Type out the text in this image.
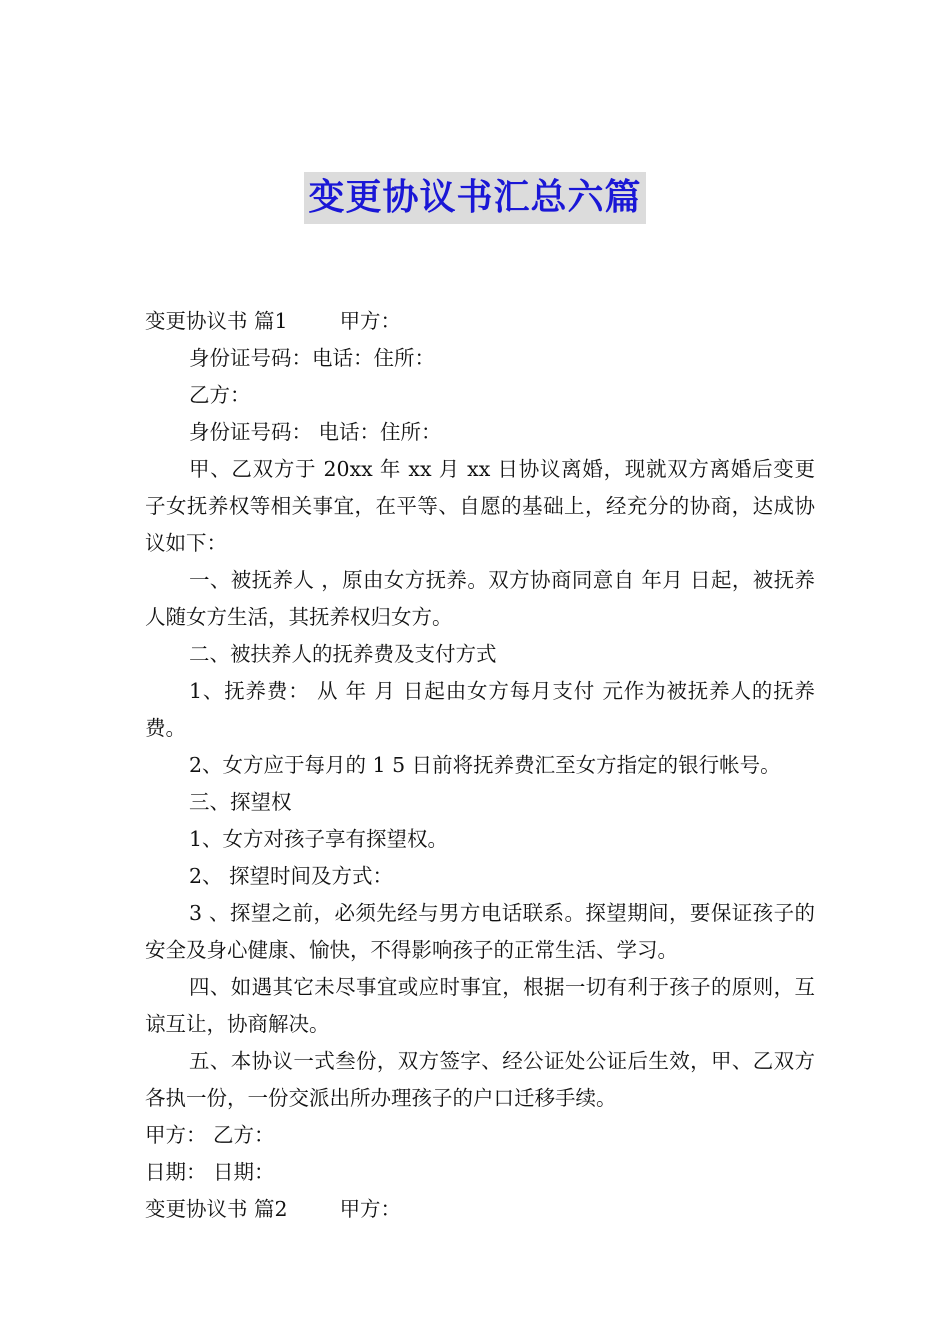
变更协议书汇总六篇

变更协议书 篇1	甲方：

身份证号码：电话：住所：

乙方：

身份证号码： 电话：住所：

甲、乙双方于 20xx 年 xx 月 xx 日协议离婚，现就双方离婚后变更子女抚养权等相关事宜，在平等、自愿的基础上，经充分的协商，达成协议如下：

一、被抚养人 ，原由女方抚养。双方协商同意自 年月 日起，被抚养人随女方生活，其抚养权归女方。

二、被扶养人的抚养费及支付方式

1、抚养费： 从 年 月 日起由女方每月支付 元作为被抚养人的抚养费。

2、女方应于每月的 1 5 日前将抚养费汇至女方指定的银行帐号。

三、探望权

1、女方对孩子享有探望权。

2、 探望时间及方式：

3 、探望之前，必须先经与男方电话联系。探望期间，要保证孩子的安全及身心健康、愉快，不得影响孩子的正常生活、学习。

四、如遇其它未尽事宜或应时事宜，根据一切有利于孩子的原则，互谅互让，协商解决。

五、本协议一式叁份，双方签字、经公证处公证后生效，甲、乙双方各执一份，一份交派出所办理孩子的户口迁移手续。

甲方： 乙方：

日期： 日期：

变更协议书 篇2	甲方：
